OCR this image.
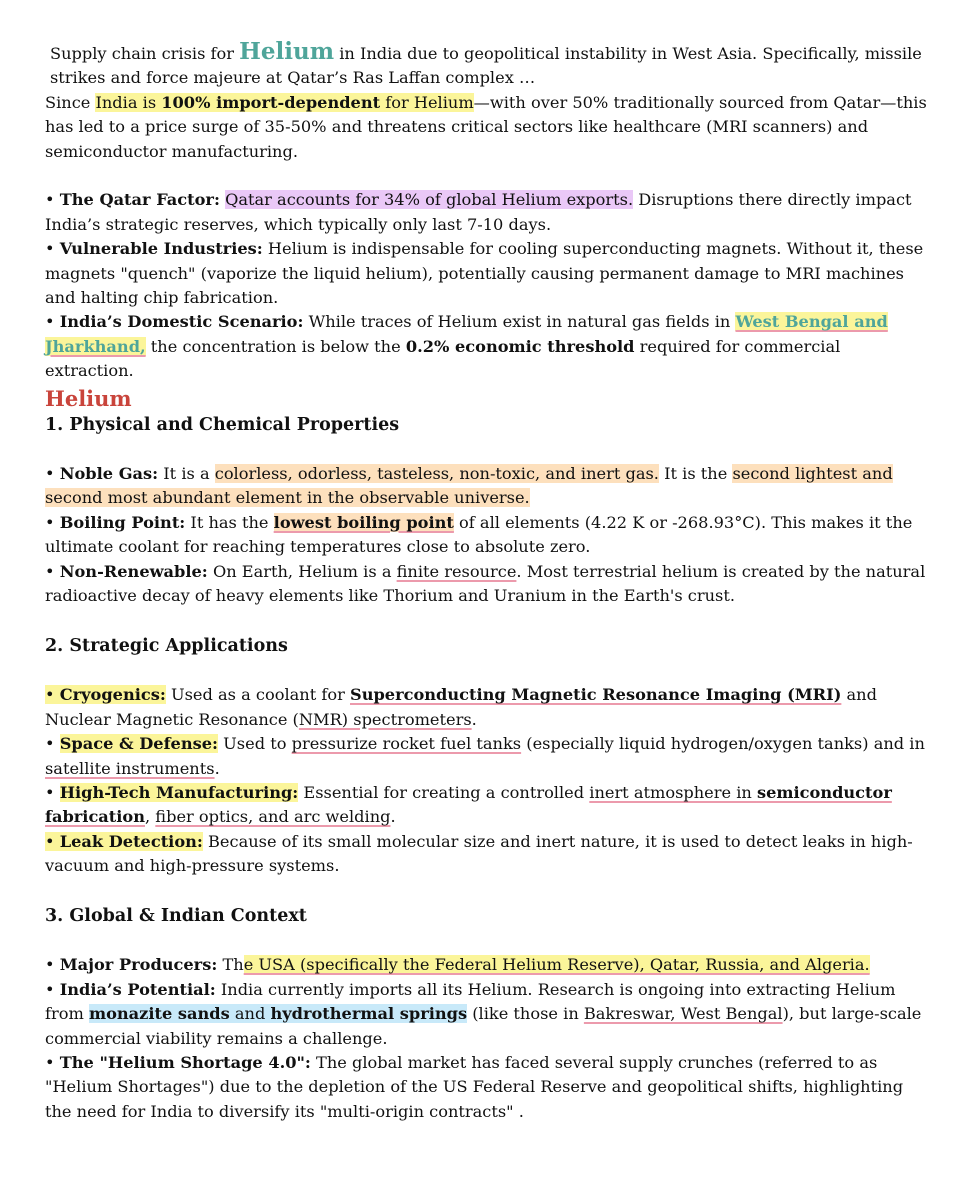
Supply chain crisis for Helium in India due to geopolitical instability in West Asia. Specifically, missile strikes and force majeure at Qatar’s Ras Laffan complex …

Since India is 100% import-dependent for Helium—with over 50% traditionally sourced from Qatar—this has led to a price surge of 35-50% and threatens critical sectors like healthcare (MRI scanners) and semiconductor manufacturing.

• The Qatar Factor: Qatar accounts for 34% of global Helium exports. Disruptions there directly impact India’s strategic reserves, which typically only last 7-10 days.

• Vulnerable Industries: Helium is indispensable for cooling superconducting magnets. Without it, these magnets "quench" (vaporize the liquid helium), potentially causing permanent damage to MRI machines and halting chip fabrication.

• India’s Domestic Scenario: While traces of Helium exist in natural gas fields in West Bengal and Jharkhand, the concentration is below the 0.2% economic threshold required for commercial extraction.

Helium
1. Physical and Chemical Properties

• Noble Gas: It is a colorless, odorless, tasteless, non-toxic, and inert gas. It is the second lightest and second most abundant element in the observable universe.

• Boiling Point: It has the lowest boiling point of all elements (4.22 K or -268.93°C). This makes it the ultimate coolant for reaching temperatures close to absolute zero.

• Non-Renewable: On Earth, Helium is a finite resource. Most terrestrial helium is created by the natural radioactive decay of heavy elements like Thorium and Uranium in the Earth's crust.

2. Strategic Applications

• Cryogenics: Used as a coolant for Superconducting Magnetic Resonance Imaging (MRI) and Nuclear Magnetic Resonance (NMR) spectrometers.

• Space & Defense: Used to pressurize rocket fuel tanks (especially liquid hydrogen/oxygen tanks) and in satellite instruments.

• High-Tech Manufacturing: Essential for creating a controlled inert atmosphere in semiconductor fabrication, fiber optics, and arc welding.

• Leak Detection: Because of its small molecular size and inert nature, it is used to detect leaks in high-vacuum and high-pressure systems.

3. Global & Indian Context

• Major Producers: The USA (specifically the Federal Helium Reserve), Qatar, Russia, and Algeria.

• India’s Potential: India currently imports all its Helium. Research is ongoing into extracting Helium from monazite sands and hydrothermal springs (like those in Bakreswar, West Bengal), but large-scale commercial viability remains a challenge.

• The "Helium Shortage 4.0": The global market has faced several supply crunches (referred to as "Helium Shortages") due to the depletion of the US Federal Reserve and geopolitical shifts, highlighting the need for India to diversify its "multi-origin contracts" .
